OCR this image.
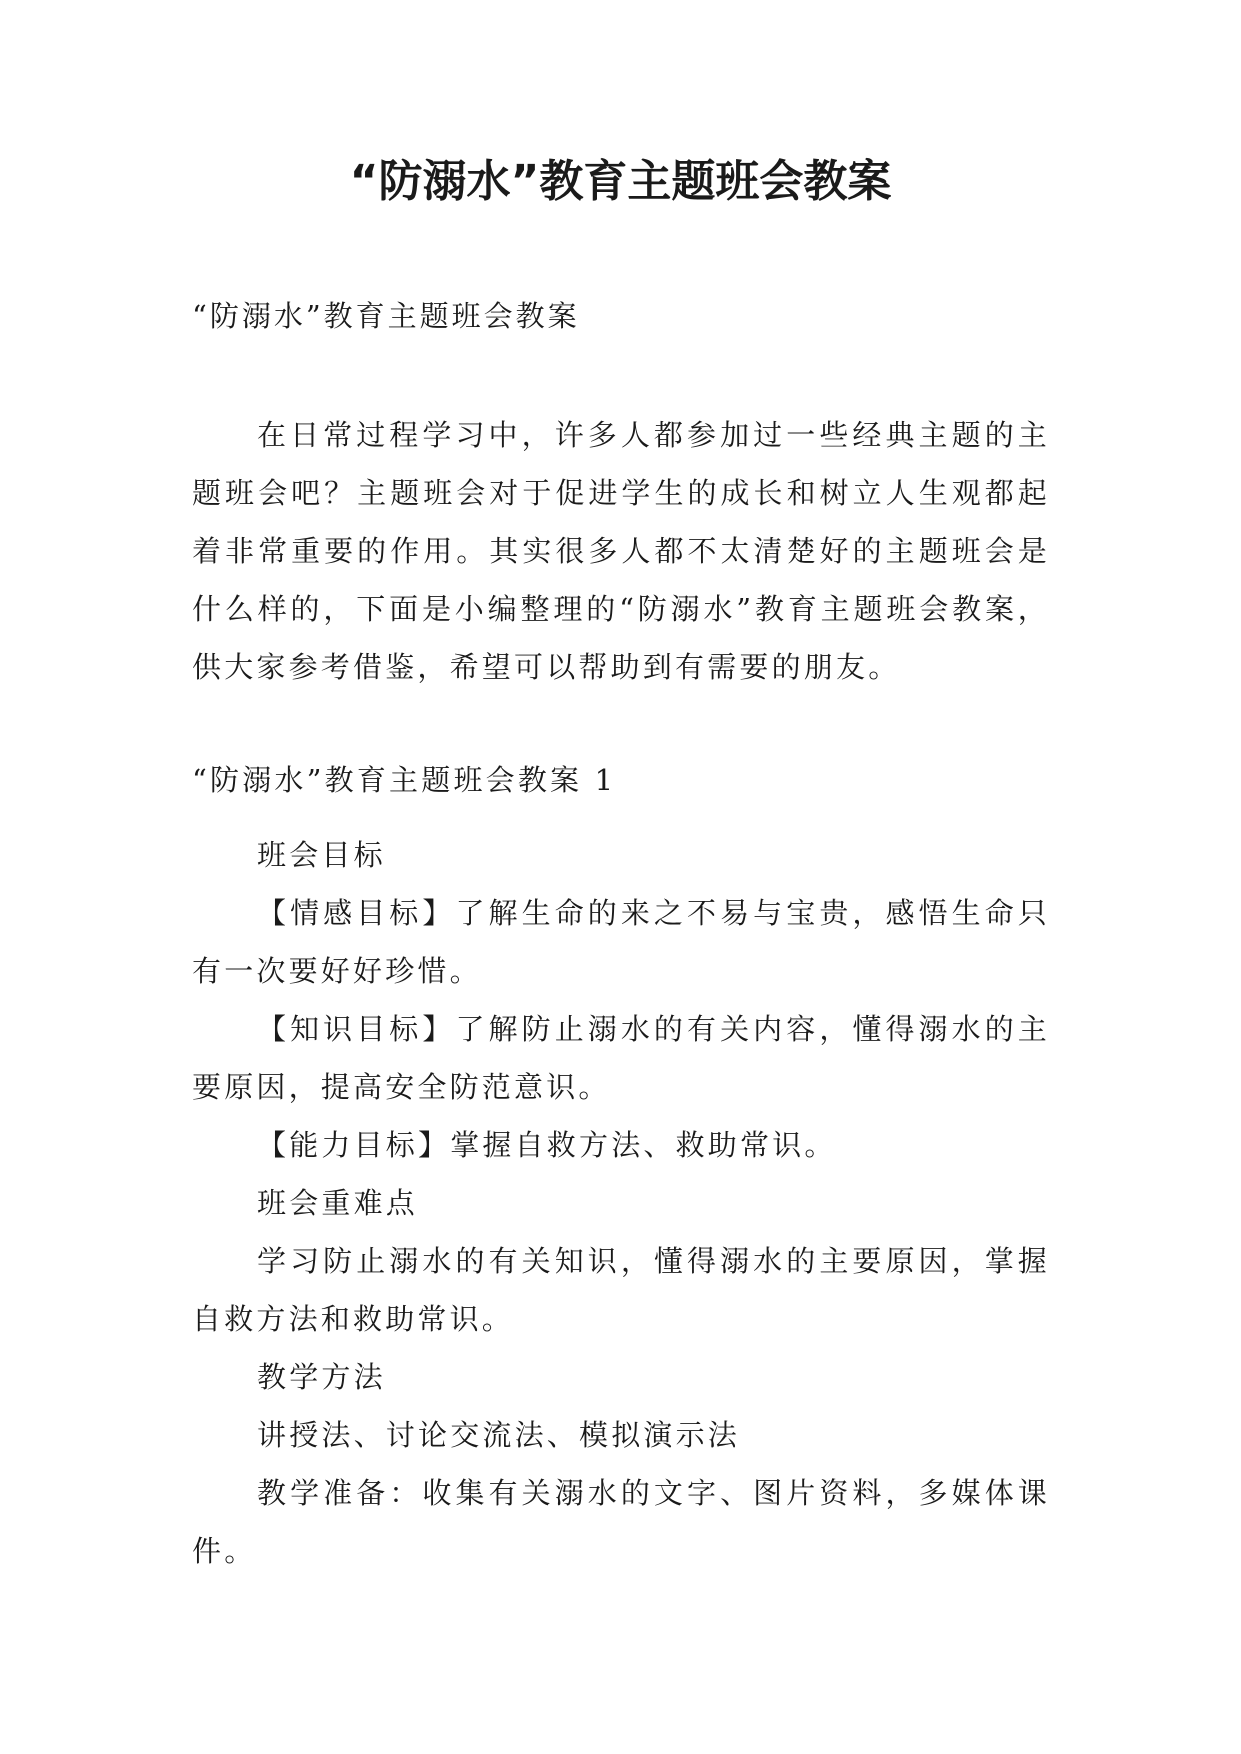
“防溺水”教育主题班会教案

“防溺水”教育主题班会教案

在日常过程学习中，许多人都参加过一些经典主题的主题班会吧？主题班会对于促进学生的成长和树立人生观都起着非常重要的作用。其实很多人都不太清楚好的主题班会是什么样的，下面是小编整理的“防溺水”教育主题班会教案，供大家参考借鉴，希望可以帮助到有需要的朋友。

“防溺水”教育主题班会教案 1

班会目标

【情感目标】了解生命的来之不易与宝贵，感悟生命只有一次要好好珍惜。

【知识目标】了解防止溺水的有关内容，懂得溺水的主要原因，提高安全防范意识。

【能力目标】掌握自救方法、救助常识。

班会重难点

学习防止溺水的有关知识，懂得溺水的主要原因，掌握自救方法和救助常识。

教学方法

讲授法、讨论交流法、模拟演示法

教学准备：收集有关溺水的文字、图片资料，多媒体课件。
